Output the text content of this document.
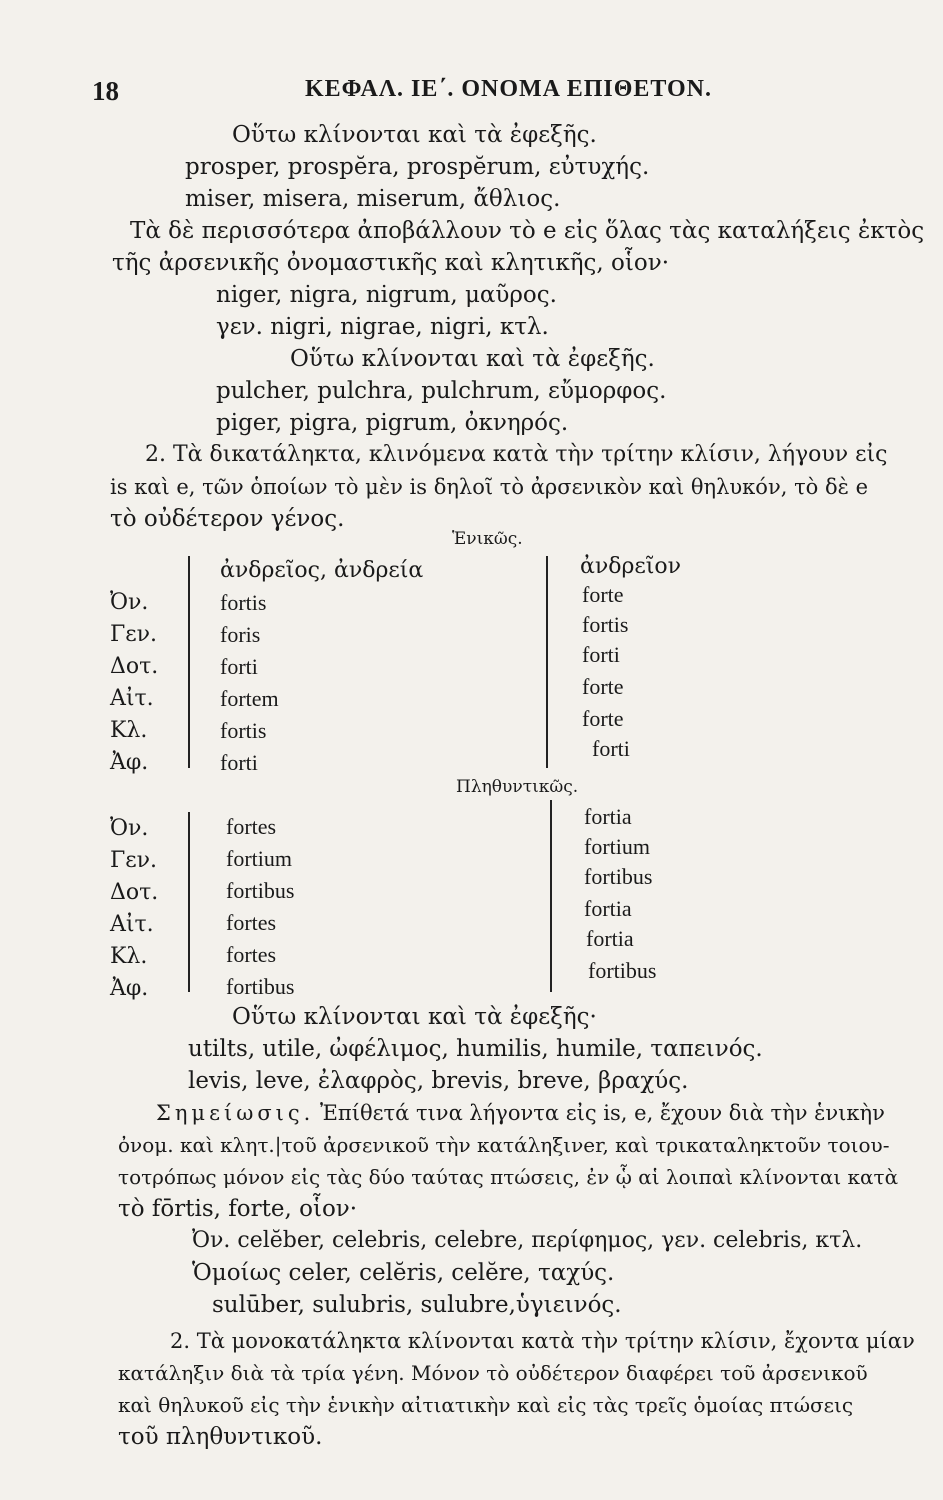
18	ΚΕΦΑΛ. ΙΕ΄. ΟΝΟΜΑ ΕΠΙΘΕΤΟΝ.
Οὕτω κλίνονται καὶ τὰ ἐφεξῆς.
prosper, prospĕra, prospĕrum, εὐτυχής.
miser, misera, miserum, ἄθλιος.
Τὰ δὲ περισσότερα ἀποβάλλουν τὸ e εἰς ὅλας τὰς καταλήξεις ἐκτὸς
τῆς ἀρσενικῆς ὀνομαστικῆς καὶ κλητικῆς, οἷον·
niger, nigra, nigrum, μαῦρος.
γεν. nigri, nigrae, nigri, κτλ.
Οὕτω κλίνονται καὶ τὰ ἐφεξῆς.
pulcher, pulchra, pulchrum, εὔμορφος.
piger, pigra, pigrum, ὀκνηρός.
2. Τὰ δικατάληκτα, κλινόμενα κατὰ τὴν τρίτην κλίσιν, λήγουν εἰς
is καὶ e, τῶν ὁποίων τὸ μὲν is δηλοῖ τὸ ἀρσενικὸν καὶ θηλυκόν, τὸ δὲ e
τὸ οὐδέτερον γένος.
Ἑνικῶς.
ἀνδρεῖος, ἀνδρεία	ἀνδρεῖον
Ὀν.
Γεν.
Δοτ.
Αἰτ.
Κλ.
Ἀφ.
fortis
foris
forti
fortem
fortis
forti
forte
fortis
forti
forte
forte
forti
Πληθυντικῶς.
Ὀν.
Γεν.
Δοτ.
Αἰτ.
Κλ.
Ἀφ.
fortes
fortium
fortibus
fortes
fortes
fortibus
fortia
fortium
fortibus
fortia
fortia
fortibus
Οὕτω κλίνονται καὶ τὰ ἐφεξῆς·
utilts, utile, ὠφέλιμος, humilis, humile, ταπεινός.
levis, leve, ἐλαφρὸς, brevis, breve, βραχύς.
Σημείωσις. Ἐπίθετά τινα λήγοντα εἰς is, e, ἔχουν διὰ τὴν ἑνικὴν
ὀνομ. καὶ κλητ.|τοῦ ἀρσενικοῦ τὴν κατάληξινer, καὶ τρικαταληκτοῦν τοιου-
τοτρόπως μόνον εἰς τὰς δύο ταύτας πτώσεις, ἐν ᾧ αἱ λοιπαὶ κλίνονται κατὰ
τὸ fōrtis, forte, οἷον·
Ὀν. celĕber, celebris, celebre, περίφημος, γεν. celebris, κτλ.
Ὁμοίως celer, celĕris, celĕre, ταχύς.
sulūber, sulubris, sulubre,ὑγιεινός.
2. Τὰ μονοκατάληκτα κλίνονται κατὰ τὴν τρίτην κλίσιν, ἔχοντα μίαν
κατάληξιν διὰ τὰ τρία γένη. Μόνον τὸ οὐδέτερον διαφέρει τοῦ ἀρσενικοῦ
καὶ θηλυκοῦ εἰς τὴν ἑνικὴν αἰτιατικὴν καὶ εἰς τὰς τρεῖς ὁμοίας πτώσεις
τοῦ πληθυντικοῦ.
